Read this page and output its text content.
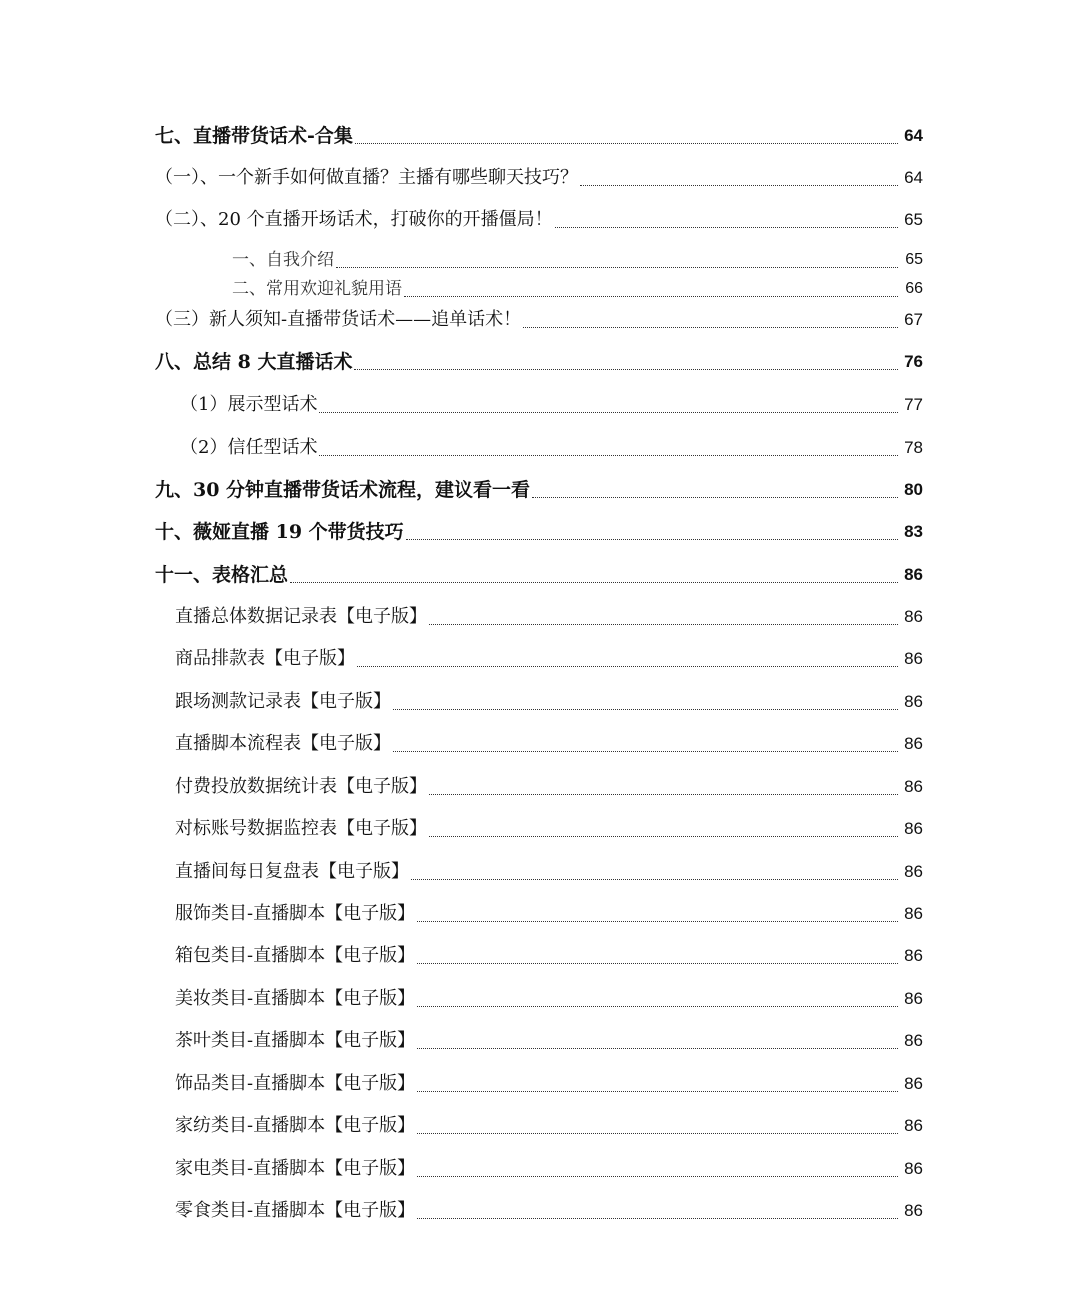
七、直播带货话术-合集	64
（一）、一个新手如何做直播？主播有哪些聊天技巧？	64
（二）、20 个直播开场话术，打破你的开播僵局！	65
一、自我介绍	65
二、常用欢迎礼貌用语	66
（三）新人须知-直播带货话术——追单话术！	67
八、总结 8 大直播话术	76
（1）展示型话术	77
（2）信任型话术	78
九、30 分钟直播带货话术流程，建议看一看	80
十、薇娅直播 19 个带货技巧	83
十一、表格汇总	86
直播总体数据记录表【电子版】	86
商品排款表【电子版】	86
跟场测款记录表【电子版】	86
直播脚本流程表【电子版】	86
付费投放数据统计表【电子版】	86
对标账号数据监控表【电子版】	86
直播间每日复盘表【电子版】	86
服饰类目-直播脚本【电子版】	86
箱包类目-直播脚本【电子版】	86
美妆类目-直播脚本【电子版】	86
茶叶类目-直播脚本【电子版】	86
饰品类目-直播脚本【电子版】	86
家纺类目-直播脚本【电子版】	86
家电类目-直播脚本【电子版】	86
零食类目-直播脚本【电子版】	86
